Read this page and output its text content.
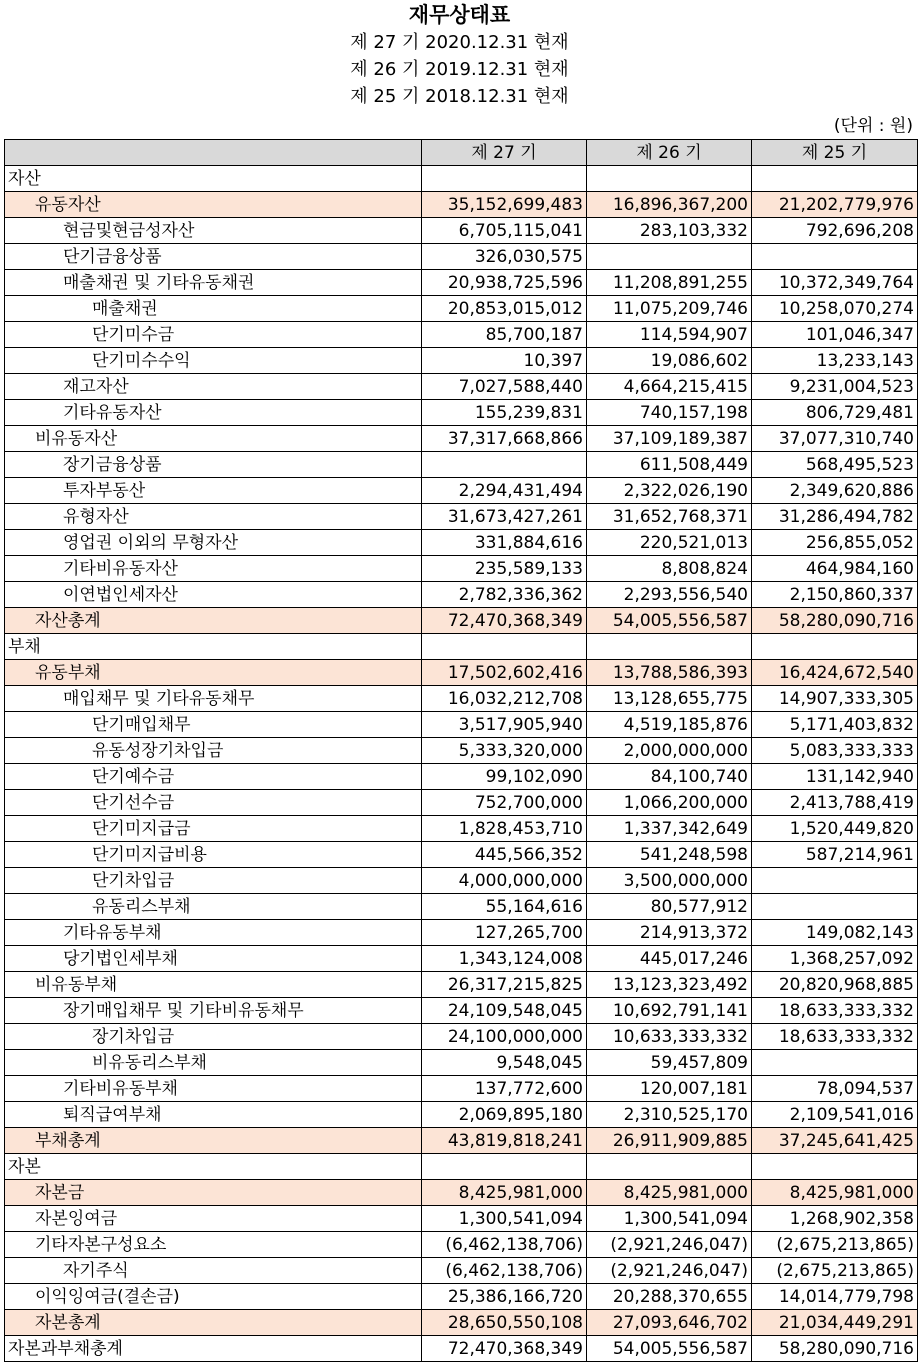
재무상태표
제 27 기 2020.12.31 현재
제 26 기 2019.12.31 현재
제 25 기 2018.12.31 현재
(단위 : 원)
	제 27 기	제 26 기	제 25 기
자산			
유동자산	35,152,699,483	16,896,367,200	21,202,779,976
현금및현금성자산	6,705,115,041	283,103,332	792,696,208
단기금융상품	326,030,575		
매출채권 및 기타유동채권	20,938,725,596	11,208,891,255	10,372,349,764
매출채권	20,853,015,012	11,075,209,746	10,258,070,274
단기미수금	85,700,187	114,594,907	101,046,347
단기미수수익	10,397	19,086,602	13,233,143
재고자산	7,027,588,440	4,664,215,415	9,231,004,523
기타유동자산	155,239,831	740,157,198	806,729,481
비유동자산	37,317,668,866	37,109,189,387	37,077,310,740
장기금융상품		611,508,449	568,495,523
투자부동산	2,294,431,494	2,322,026,190	2,349,620,886
유형자산	31,673,427,261	31,652,768,371	31,286,494,782
영업권 이외의 무형자산	331,884,616	220,521,013	256,855,052
기타비유동자산	235,589,133	8,808,824	464,984,160
이연법인세자산	2,782,336,362	2,293,556,540	2,150,860,337
자산총계	72,470,368,349	54,005,556,587	58,280,090,716
부채			
유동부채	17,502,602,416	13,788,586,393	16,424,672,540
매입채무 및 기타유동채무	16,032,212,708	13,128,655,775	14,907,333,305
단기매입채무	3,517,905,940	4,519,185,876	5,171,403,832
유동성장기차입금	5,333,320,000	2,000,000,000	5,083,333,333
단기예수금	99,102,090	84,100,740	131,142,940
단기선수금	752,700,000	1,066,200,000	2,413,788,419
단기미지급금	1,828,453,710	1,337,342,649	1,520,449,820
단기미지급비용	445,566,352	541,248,598	587,214,961
단기차입금	4,000,000,000	3,500,000,000	
유동리스부채	55,164,616	80,577,912	
기타유동부채	127,265,700	214,913,372	149,082,143
당기법인세부채	1,343,124,008	445,017,246	1,368,257,092
비유동부채	26,317,215,825	13,123,323,492	20,820,968,885
장기매입채무 및 기타비유동채무	24,109,548,045	10,692,791,141	18,633,333,332
장기차입금	24,100,000,000	10,633,333,332	18,633,333,332
비유동리스부채	9,548,045	59,457,809	
기타비유동부채	137,772,600	120,007,181	78,094,537
퇴직급여부채	2,069,895,180	2,310,525,170	2,109,541,016
부채총계	43,819,818,241	26,911,909,885	37,245,641,425
자본			
자본금	8,425,981,000	8,425,981,000	8,425,981,000
자본잉여금	1,300,541,094	1,300,541,094	1,268,902,358
기타자본구성요소	(6,462,138,706)	(2,921,246,047)	(2,675,213,865)
자기주식	(6,462,138,706)	(2,921,246,047)	(2,675,213,865)
이익잉여금(결손금)	25,386,166,720	20,288,370,655	14,014,779,798
자본총계	28,650,550,108	27,093,646,702	21,034,449,291
자본과부채총계	72,470,368,349	54,005,556,587	58,280,090,716
